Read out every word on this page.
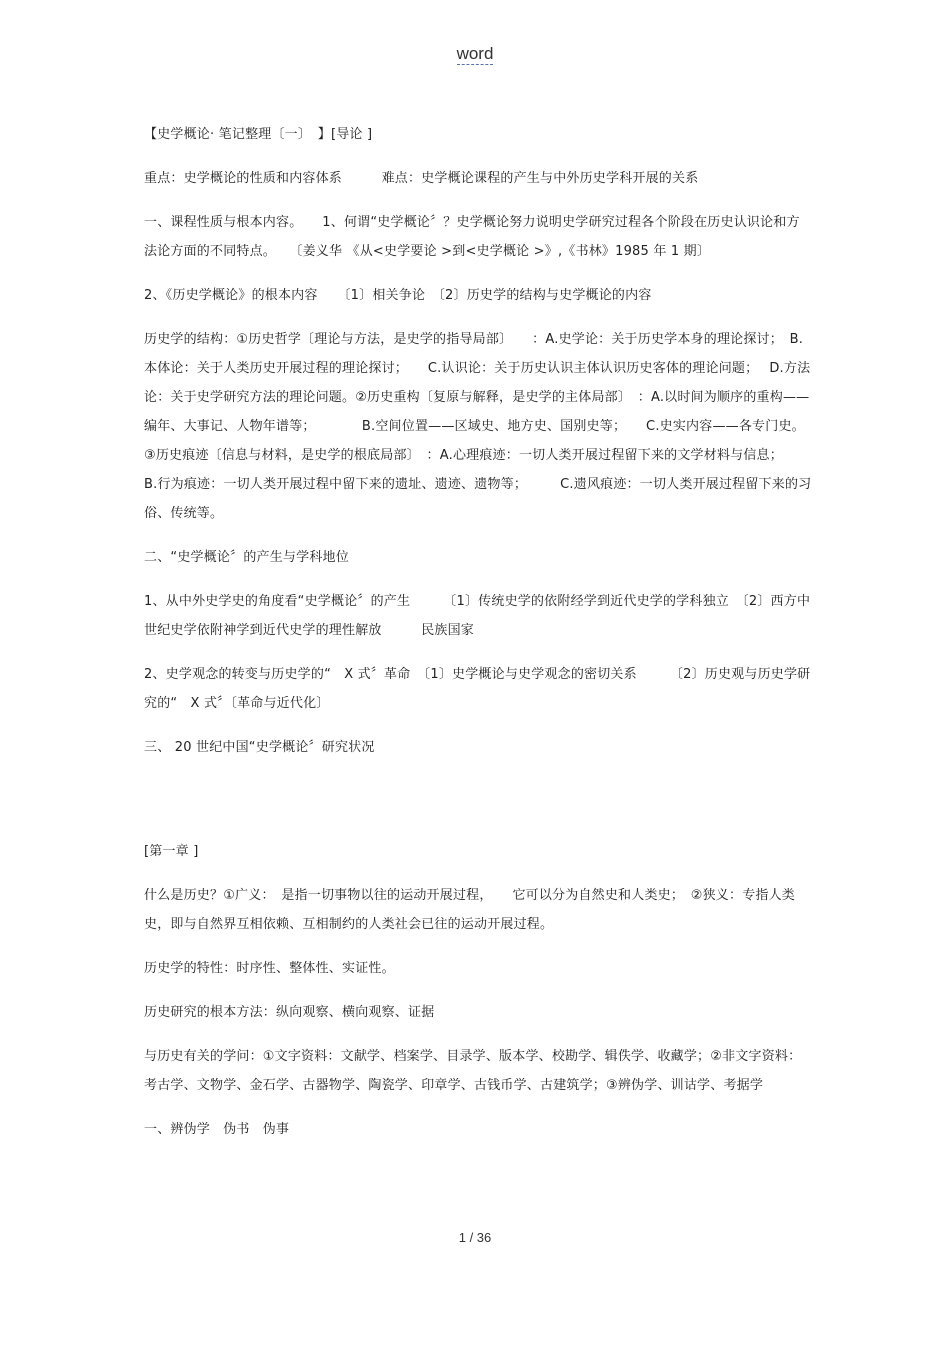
word

【史学概论· 笔记整理〔一〕　】[导论 ]

重点：史学概论的性质和内容体系　　　难点：史学概论课程的产生与中外历史学科开展的关系

一、课程性质与根本内容。　　1、何谓“史学概论〞？史学概论努力说明史学研究过程各个阶段在历史认识论和方法论方面的不同特点。　　〔姜义华 《从<史学要论 >到<史学概论 >》,《书林》1985 年 1 期〕

2、《历史学概论》的根本内容　　〔1〕相关争论　〔2〕历史学的结构与史学概论的内容

历史学的结构：①历史哲学〔理论与方法，是史学的指导局部〕　　：A.史学论：关于历史学本身的理论探讨；　B.本体论：关于人类历史开展过程的理论探讨；　　C.认识论：关于历史认识主体认识历史客体的理论问题；　 D.方法论：关于史学研究方法的理论问题。②历史重构〔复原与解释，是史学的主体局部〕　：A.以时间为顺序的重构——编年、大事记、人物年谱等；　　　　B.空间位置——区域史、地方史、国别史等；　　C.史实内容——各专门史。③历史痕迹〔信息与材料，是史学的根底局部〕　：A.心理痕迹：一切人类开展过程留下来的文学材料与信息；　　　　B.行为痕迹：一切人类开展过程中留下来的遗址、遗迹、遗物等；　　　C.遗风痕迹：一切人类开展过程留下来的习俗、传统等。

二、“史学概论〞的产生与学科地位

1、从中外史学史的角度看“史学概论〞的产生　　　〔1〕传统史学的依附经学到近代史学的学科独立　〔2〕西方中世纪史学依附神学到近代史学的理性解放　　　民族国家

2、史学观念的转变与历史学的“　X 式〞革命　〔1〕史学概论与史学观念的密切关系　　　〔2〕历史观与历史学研究的“　X 式〞〔革命与近代化〕

三、 20 世纪中国“史学概论〞研究状况

[第一章 ]

什么是历史？①广义：　是指一切事物以往的运动开展过程，　　它可以分为自然史和人类史；　②狭义：专指人类史，即与自然界互相依赖、互相制约的人类社会已往的运动开展过程。

历史学的特性：时序性、整体性、实证性。

历史研究的根本方法：纵向观察、横向观察、证据

与历史有关的学问：①文字资料：文献学、档案学、目录学、版本学、校勘学、辑佚学、收藏学；②非文字资料：考古学、文物学、金石学、古器物学、陶瓷学、印章学、古钱币学、古建筑学；③辨伪学、训诂学、考据学

一、辨伪学　伪书　伪事

1 / 36
